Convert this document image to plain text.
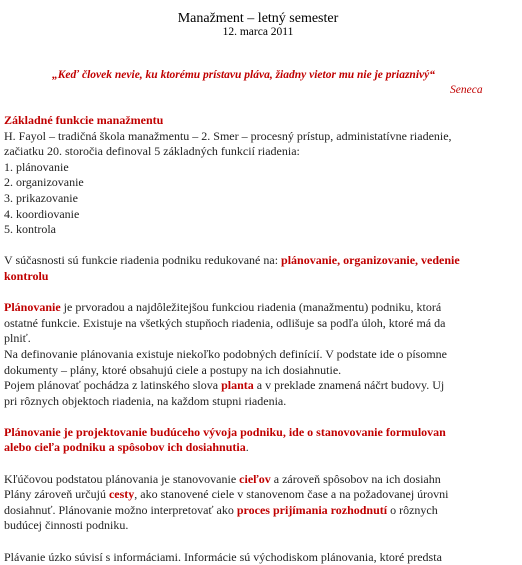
Manažment – letný semester
12. marca 2011
„Keď človek nevie, ku ktorému prístavu pláva, žiadny vietor mu nie je priaznivý“
Seneca
Základné funkcie manažmentu
H. Fayol – tradičná škola manažmentu – 2. Smer – procesný prístup, administatívne riadenie,
začiatku 20. storočia definoval 5 základných funkcií riadenia:
1. plánovanie
2. organizovanie
3. prikazovanie
4. koordiovanie
5. kontrola
V súčasnosti sú funkcie riadenia podniku redukované na: plánovanie, organizovanie, vedenie
kontrolu
Plánovanie je prvoradou a najdôležitejšou funkciou riadenia (manažmentu) podniku, ktorá
ostatné funkcie. Existuje na všetkých stupňoch riadenia, odlišuje sa podľa úloh, ktoré má da
plniť.
Na definovanie plánovania existuje niekoľko podobných definícií. V podstate ide o písomne
dokumenty – plány, ktoré obsahujú ciele a postupy na ich dosiahnutie.
Pojem plánovať pochádza z latinského slova planta a v preklade znamená náčrt budovy. Uj
pri rôznych objektoch riadenia, na každom stupni riadenia.
Plánovanie je projektovanie budúceho vývoja podniku, ide o stanovovanie formulovan
alebo cieľa podniku a spôsobov ich dosiahnutia.
Kľúčovou podstatou plánovania je stanovovanie cieľov a zároveň spôsobov na ich dosiahn
Plány zároveň určujú cesty, ako stanovené ciele v stanovenom čase a na požadovanej úrovni
dosiahnuť. Plánovanie možno interpretovať ako proces prijímania rozhodnutí o rôznych
budúcej činnosti podniku.
Plávanie úzko súvisí s informáciami. Informácie sú východiskom plánovania, ktoré predsta
